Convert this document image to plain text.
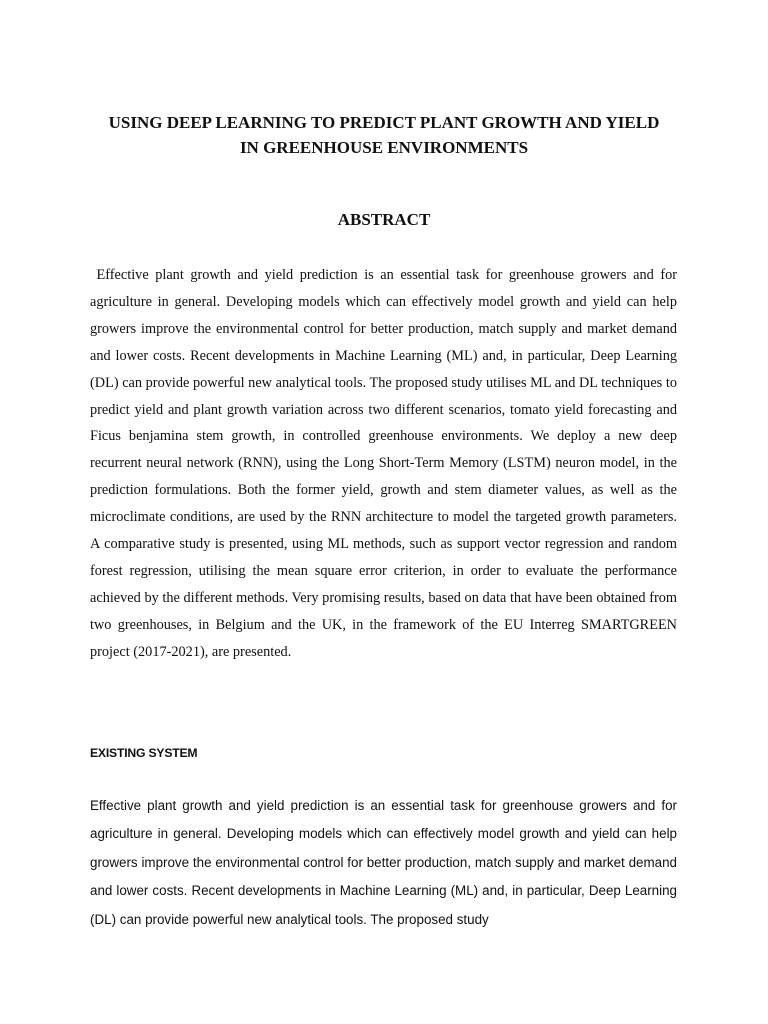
USING DEEP LEARNING TO PREDICT PLANT GROWTH AND YIELD
IN GREENHOUSE ENVIRONMENTS
ABSTRACT

Effective plant growth and yield prediction is an essential task for greenhouse growers and for agriculture in general. Developing models which can effectively model growth and yield can help growers improve the environmental control for better production, match supply and market demand and lower costs. Recent developments in Machine Learning (ML) and, in particular, Deep Learning (DL) can provide powerful new analytical tools. The proposed study utilises ML and DL techniques to predict yield and plant growth variation across two different scenarios, tomato yield forecasting and Ficus benjamina stem growth, in controlled greenhouse environments. We deploy a new deep recurrent neural network (RNN), using the Long Short-Term Memory (LSTM) neuron model, in the prediction formulations. Both the former yield, growth and stem diameter values, as well as the microclimate conditions, are used by the RNN architecture to model the targeted growth parameters. A comparative study is presented, using ML methods, such as support vector regression and random forest regression, utilising the mean square error criterion, in order to evaluate the performance achieved by the different methods. Very promising results, based on data that have been obtained from two greenhouses, in Belgium and the UK, in the framework of the EU Interreg SMARTGREEN project (2017-2021), are presented.

EXISTING SYSTEM

Effective plant growth and yield prediction is an essential task for greenhouse growers and for agriculture in general. Developing models which can effectively model growth and yield can help growers improve the environmental control for better production, match supply and market demand and lower costs. Recent developments in Machine Learning (ML) and, in particular, Deep Learning (DL) can provide powerful new analytical tools. The proposed study
